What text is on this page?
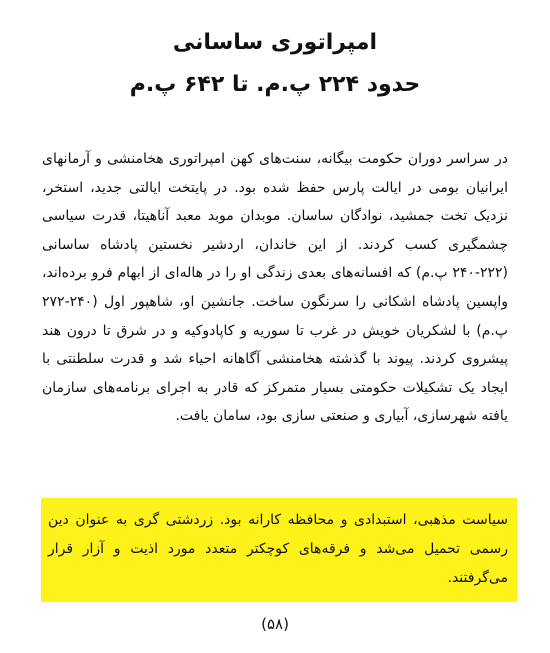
امپراتوری ساسانی
حدود ۲۲۴ پ.م. تا ۶۴۲ پ.م

در سراسر دوران حکومت بیگانه، سنت‌های کهن امپراتوری هخامنشی و آرمانهای ایرانیان بومی در ایالت پارس حفظ شده بود. در پایتخت ایالتی جدید، استخر، نزدیک تخت جمشید، نوادگان ساسان. موبدان موبد معبد آناهیتا، قدرت سیاسی چشمگیری کسب کردند. از این خاندان، اردشیر نخستین پادشاه ساسانی (۲۲۲-۲۴۰ پ.م) که افسانه‌های بعدی زندگی او را در هاله‌ای از ابهام فرو برده‌اند، واپسین پادشاه اشکانی را سرنگون ساخت. جانشین او، شاهپور اول (۲۴۰-۲۷۲ پ.م) با لشکریان خویش در غرب تا سوریه و کاپادوکیه و در شرق تا درون هند پیشروی کردند. پیوند با گذشته هخامنشی آگاهانه احیاء شد و قدرت سلطنتی با ایجاد یک تشکیلات حکومتی بسیار متمرکز که قادر به اجرای برنامه‌های سازمان یافته شهرسازی، آبیاری و صنعتی سازی بود، سامان یافت.

سیاست مذهبی، استبدادی و محافظه کارانه بود. زردشتی گری به عنوان دین رسمی تحمیل می‌شد و فرقه‌های کوچکتر متعدد مورد اذیت و آزار قرار می‌گرفتند.

(۵۸)
